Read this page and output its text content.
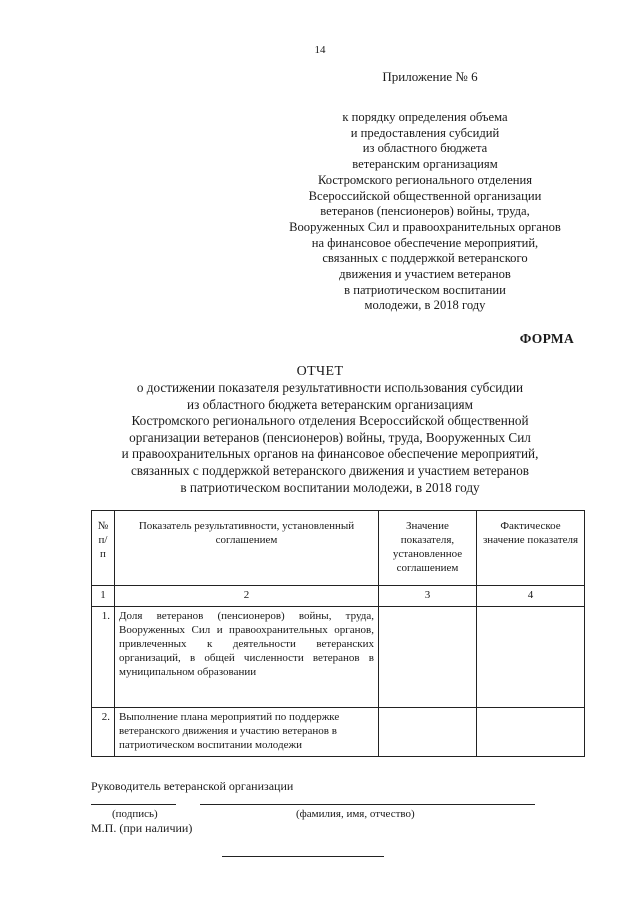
14
Приложение № 6
к порядку определения объема
и предоставления субсидий
из областного бюджета
ветеранским организациям
Костромского регионального отделения
Всероссийской общественной организации
ветеранов (пенсионеров) войны, труда,
Вооруженных Сил и правоохранительных органов
на финансовое обеспечение мероприятий,
связанных с поддержкой ветеранского
движения и участием ветеранов
в патриотическом воспитании
молодежи, в 2018 году
ФОРМА
ОТЧЕТ
о достижении показателя результативности использования субсидии
из областного бюджета ветеранским организациям
Костромского регионального отделения Всероссийской общественной
организации ветеранов (пенсионеров) войны, труда, Вооруженных Сил
и правоохранительных органов на финансовое обеспечение мероприятий,
связанных с поддержкой ветеранского движения и участием ветеранов
в патриотическом воспитании молодежи, в 2018 году
№ п/п	Показатель результативности, установленный соглашением	Значение показателя, установленное соглашением	Фактическое значение показателя
1	2	3	4
1.	Доля ветеранов (пенсионеров) войны, труда, Вооруженных Сил и правоохранительных органов, привлеченных к деятельности ветеранских организаций, в общей численности ветеранов в муниципальном образовании		
2.	Выполнение плана мероприятий по поддержке ветеранского движения и участию ветеранов в патриотическом воспитании молодежи		
Руководитель ветеранской организации
(подпись)	(фамилия, имя, отчество)
М.П. (при наличии)
